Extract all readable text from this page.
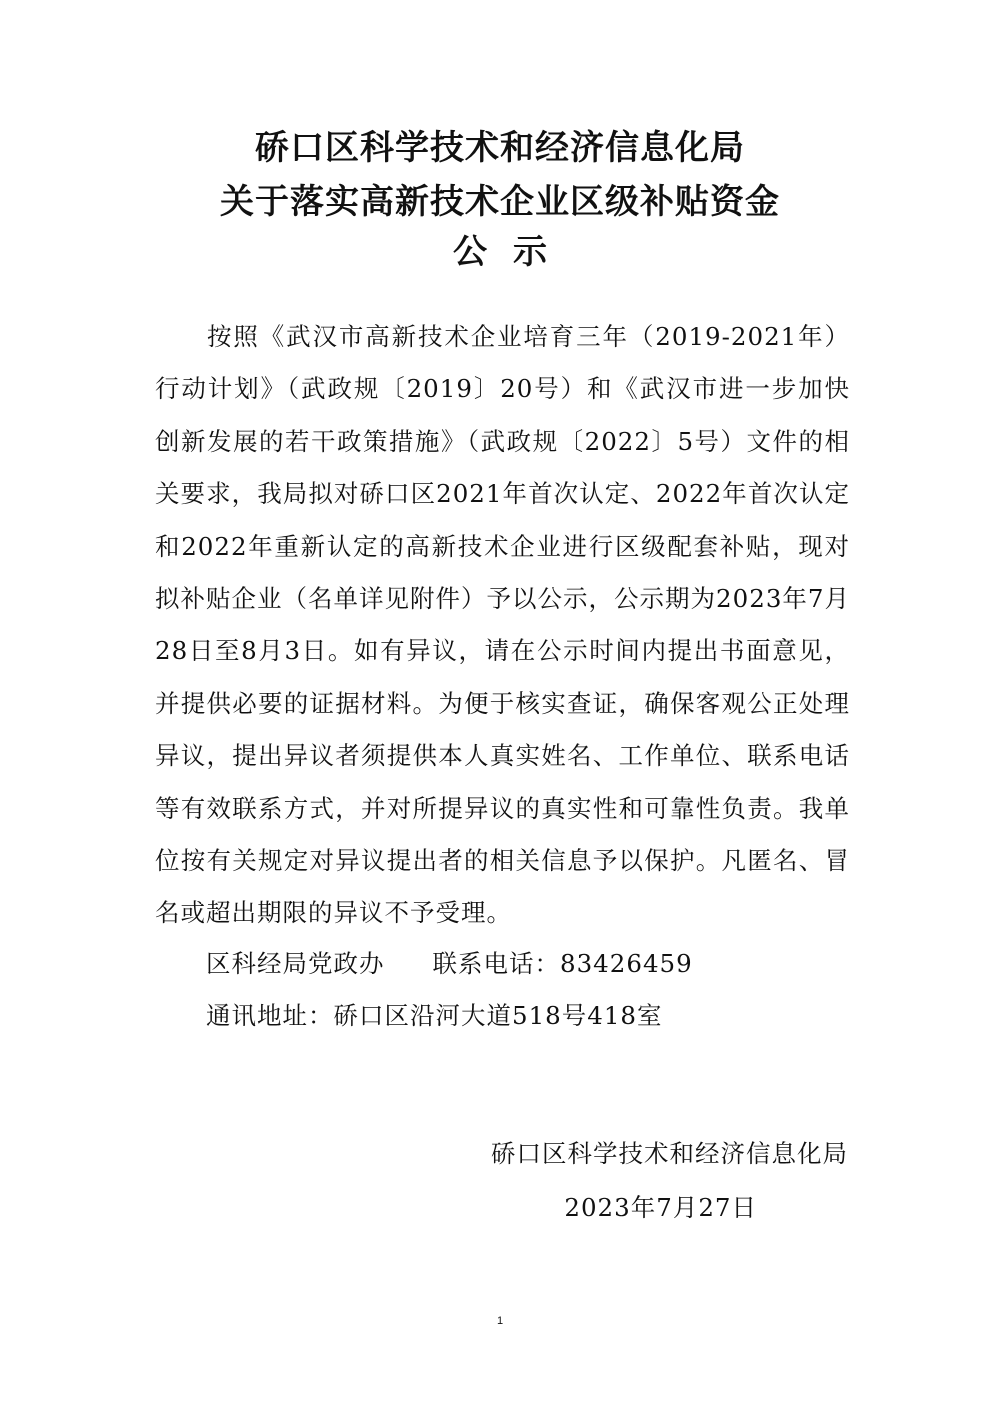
硚口区科学技术和经济信息化局
关于落实高新技术企业区级补贴资金
公示

按照《武汉市高新技术企业培育三年（2019-2021年）行动计划》（武政规〔2019〕20号）和《武汉市进一步加快创新发展的若干政策措施》（武政规〔2022〕5号）文件的相关要求，我局拟对硚口区2021年首次认定、2022年首次认定和2022年重新认定的高新技术企业进行区级配套补贴，现对拟补贴企业（名单详见附件）予以公示，公示期为2023年7月28日至8月3日。如有异议，请在公示时间内提出书面意见，并提供必要的证据材料。为便于核实查证，确保客观公正处理异议，提出异议者须提供本人真实姓名、工作单位、联系电话等有效联系方式，并对所提异议的真实性和可靠性负责。我单位按有关规定对异议提出者的相关信息予以保护。凡匿名、冒名或超出期限的异议不予受理。

区科经局党政办 联系电话：83426459

通讯地址：硚口区沿河大道518号418室

硚口区科学技术和经济信息化局

2023年7月27日

1
